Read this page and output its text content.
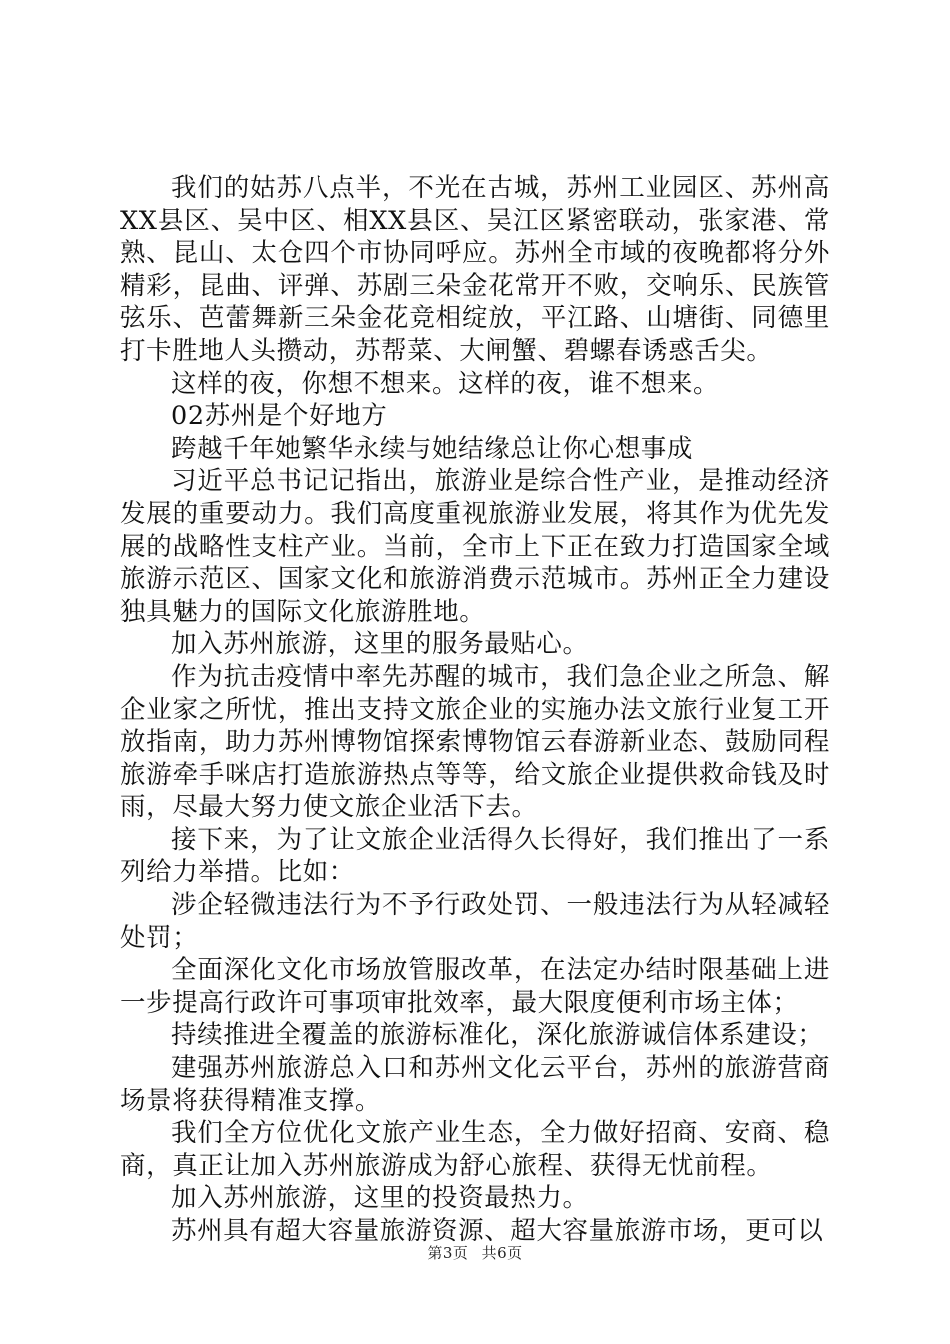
我们的姑苏八点半，不光在古城，苏州工业园区、苏州高XX县区、吴中区、相XX县区、吴江区紧密联动，张家港、常熟、昆山、太仓四个市协同呼应。苏州全市域的夜晚都将分外精彩，昆曲、评弹、苏剧三朵金花常开不败，交响乐、民族管弦乐、芭蕾舞新三朵金花竞相绽放，平江路、山塘街、同德里打卡胜地人头攒动，苏帮菜、大闸蟹、碧螺春诱惑舌尖。

这样的夜，你想不想来。这样的夜，谁不想来。

02苏州是个好地方

跨越千年她繁华永续与她结缘总让你心想事成

习近平总书记记指出，旅游业是综合性产业，是推动经济发展的重要动力。我们高度重视旅游业发展，将其作为优先发展的战略性支柱产业。当前，全市上下正在致力打造国家全域旅游示范区、国家文化和旅游消费示范城市。苏州正全力建设独具魅力的国际文化旅游胜地。

加入苏州旅游，这里的服务最贴心。

作为抗击疫情中率先苏醒的城市，我们急企业之所急、解企业家之所忧，推出支持文旅企业的实施办法文旅行业复工开放指南，助力苏州博物馆探索博物馆云春游新业态、鼓励同程旅游牵手咪店打造旅游热点等等，给文旅企业提供救命钱及时雨，尽最大努力使文旅企业活下去。

接下来，为了让文旅企业活得久长得好，我们推出了一系列给力举措。比如：

涉企轻微违法行为不予行政处罚、一般违法行为从轻减轻处罚；

全面深化文化市场放管服改革，在法定办结时限基础上进一步提高行政许可事项审批效率，最大限度便利市场主体；

持续推进全覆盖的旅游标准化，深化旅游诚信体系建设；

建强苏州旅游总入口和苏州文化云平台，苏州的旅游营商场景将获得精准支撑。

我们全方位优化文旅产业生态，全力做好招商、安商、稳商，真正让加入苏州旅游成为舒心旅程、获得无忧前程。

加入苏州旅游，这里的投资最热力。

苏州具有超大容量旅游资源、超大容量旅游市场，更可以

第3页 共6页
